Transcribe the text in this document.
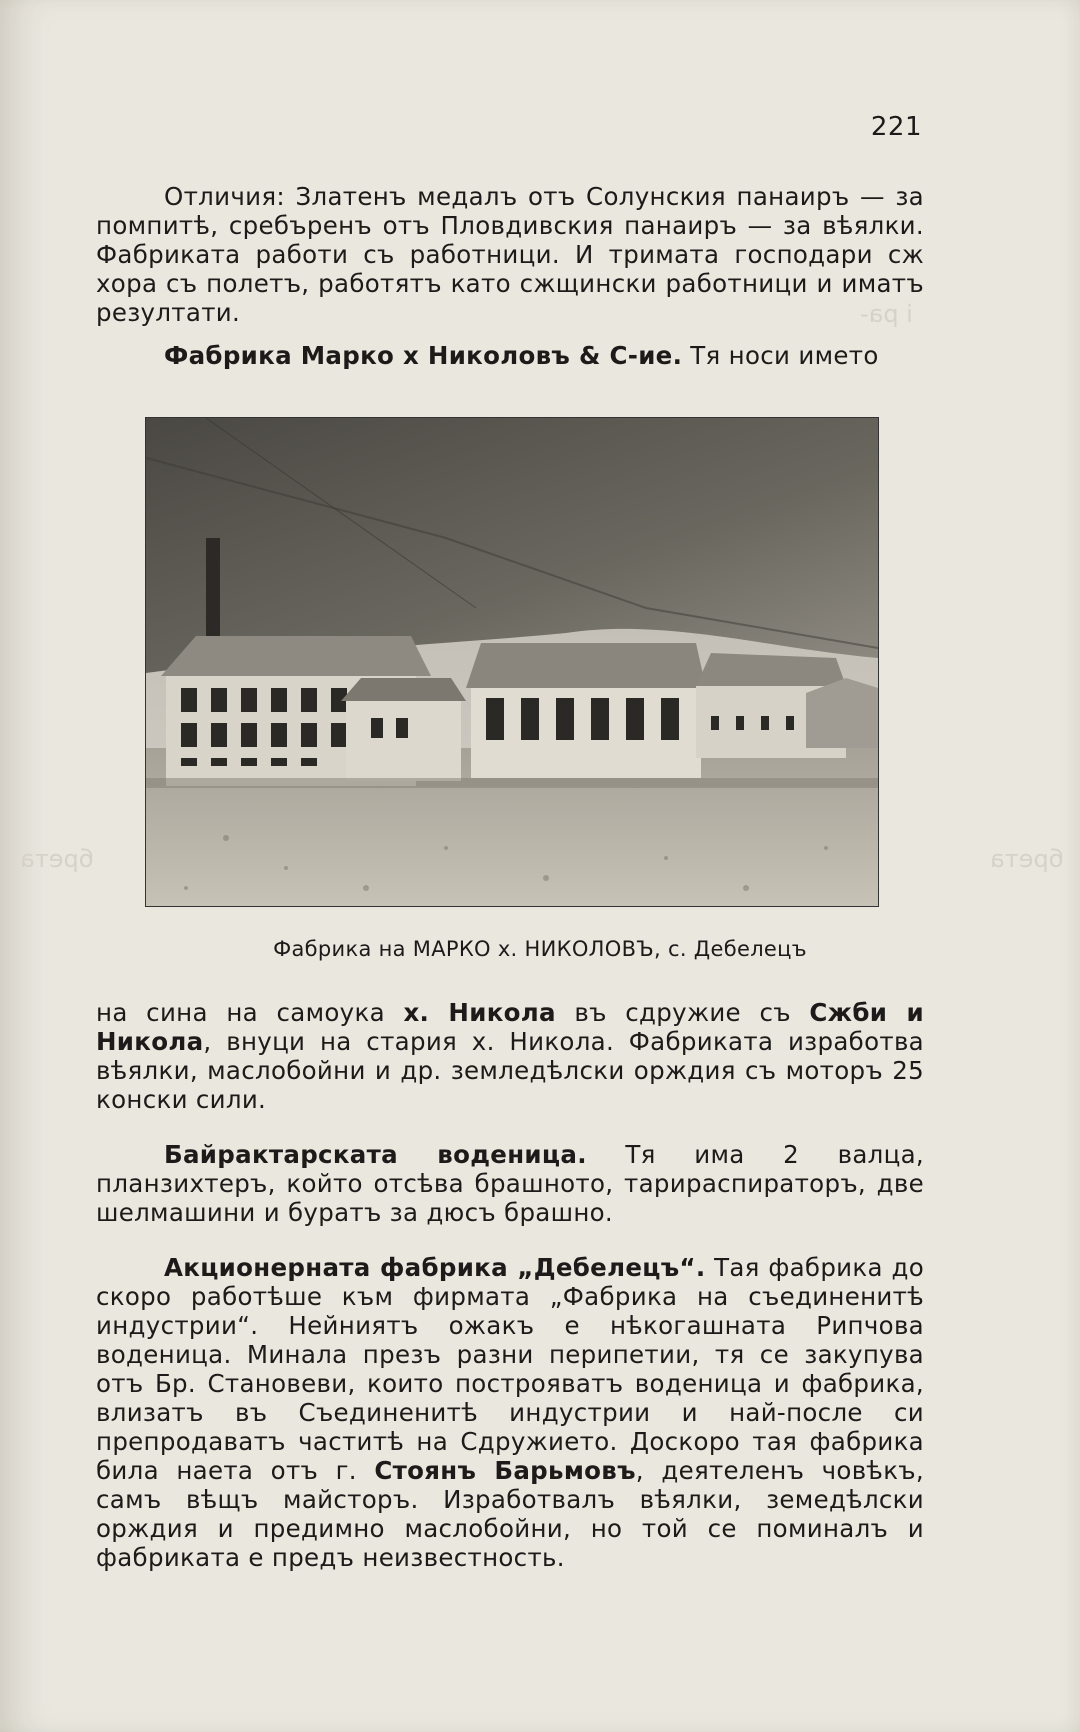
і ра-
брета	брета
221

Отличия: Златенъ медалъ отъ Солунския панаиръ — за помпитѣ, сребъренъ отъ Пловдивския панаиръ — за вѣялки. Фабриката работи съ работници. И тримата господари сж хора съ полетъ, работятъ като сжщински работници и иматъ резултати.

Фабрика Марко х Николовъ & С-ие. Тя носи името

Фабрика на МАРКО х. НИКОЛОВЪ, с. Дебелецъ

на сина на самоука х. Никола въ сдружие съ Сжби и Никола, внуци на стария х. Никола. Фабриката изработва вѣялки, маслобойни и др. земледѣлски орждия съ моторъ 25 конски сили.

Байрактарската воденица. Тя има 2 валца, планзихтеръ, който отсѣва брашното, тарираспираторъ, две шелмашини и буратъ за дюсъ брашно.

Акционерната фабрика „Дебелецъ“. Тая фабрика до скоро работѣше към фирмата „Фабрика на съединенитѣ индустрии“. Нейниятъ ожакъ е нѣкогашната Рипчова воденица. Минала презъ разни перипетии, тя се закупува отъ Бр. Становеви, които построяватъ воденица и фабрика, влизатъ въ Съединенитѣ индустрии и най-после си препродаватъ частитѣ на Сдружието. Доскоро тая фабрика била наета отъ г. Стоянъ Барьмовъ, деятеленъ човѣкъ, самъ вѣщъ майсторъ. Изработвалъ вѣялки, земедѣлски орждия и предимно маслобойни, но той се поминалъ и фабриката е предъ неизвестность.
